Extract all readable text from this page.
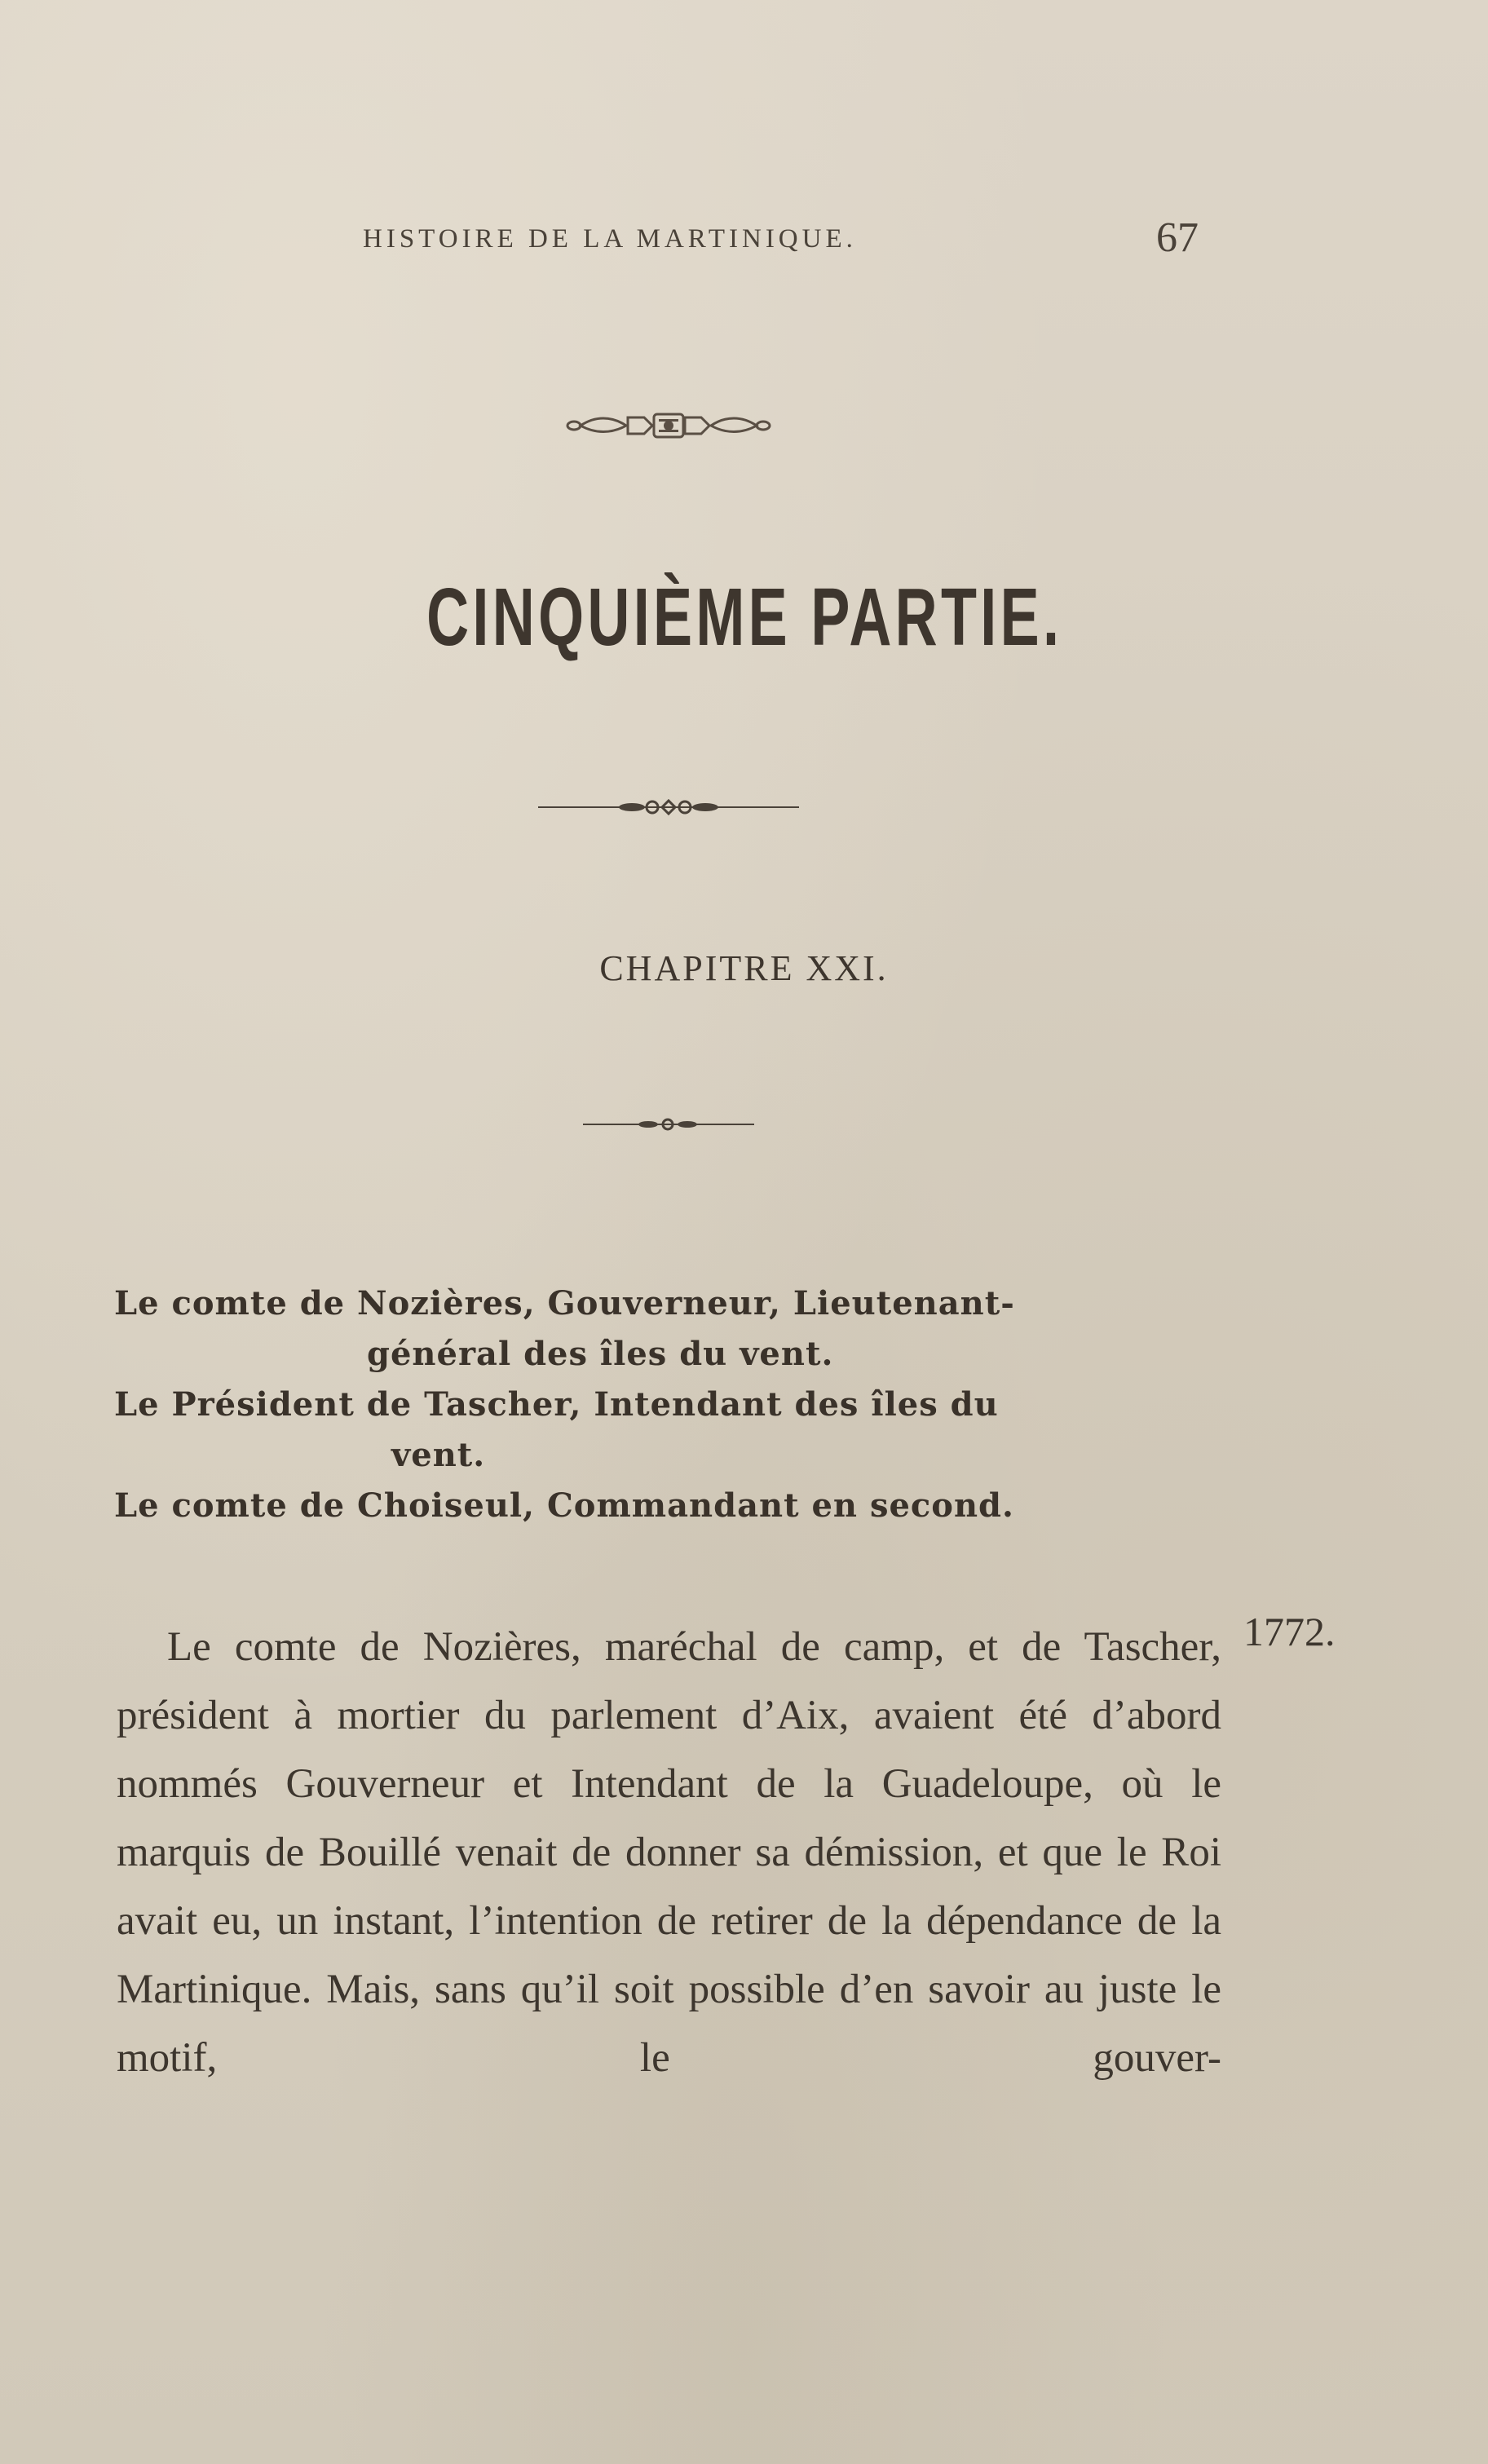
HISTOIRE DE LA MARTINIQUE.	67
CINQUIÈME PARTIE.
CHAPITRE XXI.

Le comte de Nozières, Gouverneur, Lieutenant-

général des îles du vent.

Le Président de Tascher, Intendant des îles du

vent.

Le comte de Choiseul, Commandant en second.

1772.

Le comte de Nozières, maréchal de camp, et de Tascher, président à mortier du parlement d’Aix, avaient été d’abord nommés Gouverneur et Intendant de la Guadeloupe, où le marquis de Bouillé venait de donner sa démission, et que le Roi avait eu, un instant, l’intention de retirer de la dépendance de la Martinique. Mais, sans qu’il soit possible d’en savoir au juste le motif, le gouver-
